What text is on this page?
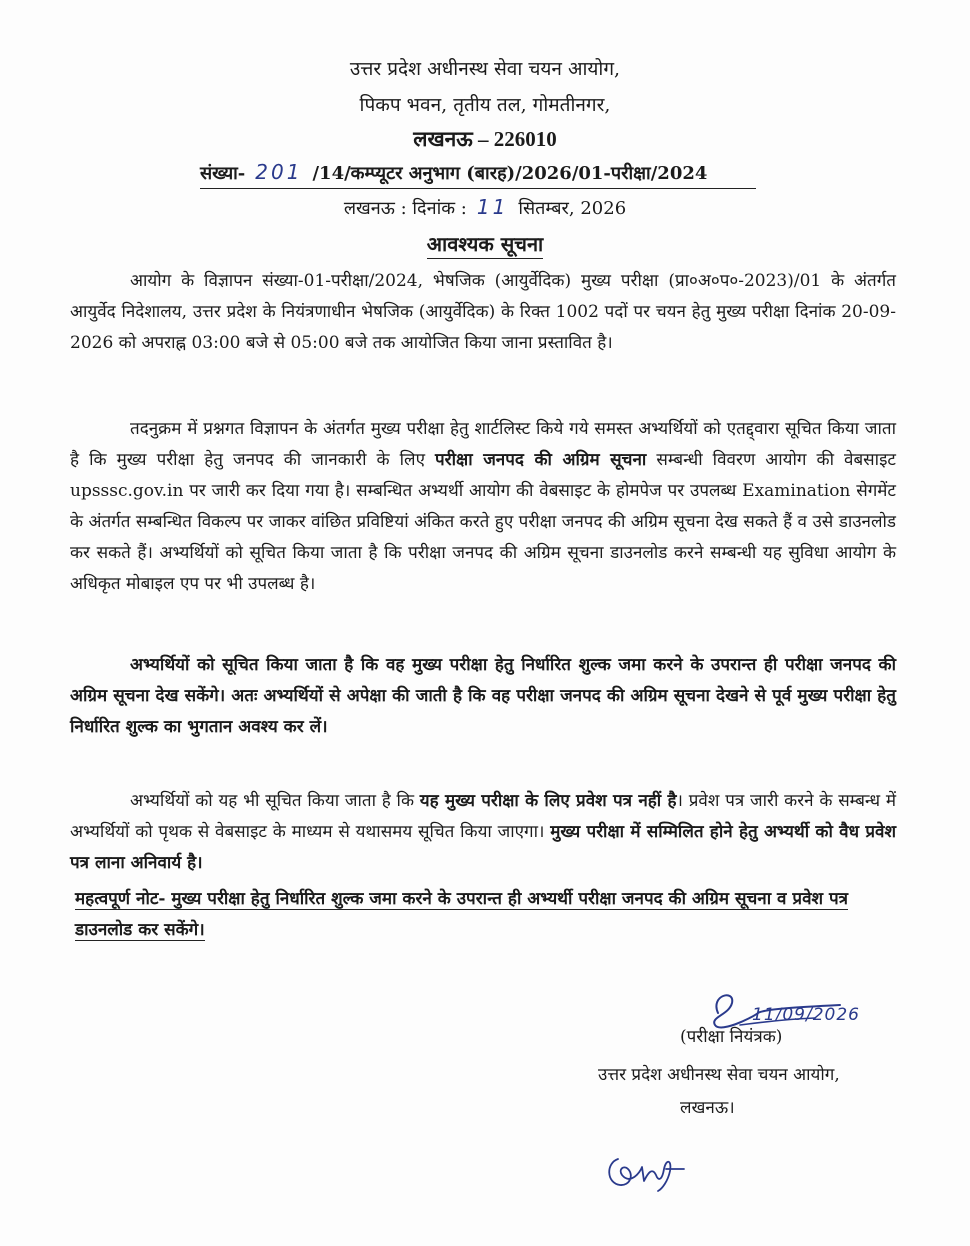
उत्तर प्रदेश अधीनस्थ सेवा चयन आयोग,
पिकप भवन, तृतीय तल, गोमतीनगर,
लखनऊ – 226010
संख्या- 201 /14/कम्प्यूटर अनुभाग (बारह)/2026/01-परीक्षा/2024
लखनऊ : दिनांक : 11 सितम्बर, 2026
आवश्यक सूचना

आयोग के विज्ञापन संख्या-01-परीक्षा/2024, भेषजिक (आयुर्वेदिक) मुख्य परीक्षा (प्रा०अ०प०-2023)/01 के अंतर्गत आयुर्वेद निदेशालय, उत्तर प्रदेश के नियंत्रणाधीन भेषजिक (आयुर्वेदिक) के रिक्त 1002 पदों पर चयन हेतु मुख्य परीक्षा दिनांक 20-09-2026 को अपराह्न 03:00 बजे से 05:00 बजे तक आयोजित किया जाना प्रस्तावित है।

तदनुक्रम में प्रश्नगत विज्ञापन के अंतर्गत मुख्य परीक्षा हेतु शार्टलिस्ट किये गये समस्त अभ्यर्थियों को एतद्द्वारा सूचित किया जाता है कि मुख्य परीक्षा हेतु जनपद की जानकारी के लिए परीक्षा जनपद की अग्रिम सूचना सम्बन्धी विवरण आयोग की वेबसाइट upsssc.gov.in पर जारी कर दिया गया है। सम्बन्धित अभ्यर्थी आयोग की वेबसाइट के होमपेज पर उपलब्ध Examination सेगमेंट के अंतर्गत सम्बन्धित विकल्प पर जाकर वांछित प्रविष्टियां अंकित करते हुए परीक्षा जनपद की अग्रिम सूचना देख सकते हैं व उसे डाउनलोड कर सकते हैं। अभ्यर्थियों को सूचित किया जाता है कि परीक्षा जनपद की अग्रिम सूचना डाउनलोड करने सम्बन्धी यह सुविधा आयोग के अधिकृत मोबाइल एप पर भी उपलब्ध है।

अभ्यर्थियों को सूचित किया जाता है कि वह मुख्य परीक्षा हेतु निर्धारित शुल्क जमा करने के उपरान्त ही परीक्षा जनपद की अग्रिम सूचना देख सकेंगे। अतः अभ्यर्थियों से अपेक्षा की जाती है कि वह परीक्षा जनपद की अग्रिम सूचना देखने से पूर्व मुख्य परीक्षा हेतु निर्धारित शुल्क का भुगतान अवश्य कर लें।

अभ्यर्थियों को यह भी सूचित किया जाता है कि यह मुख्य परीक्षा के लिए प्रवेश पत्र नहीं है। प्रवेश पत्र जारी करने के सम्बन्ध में अभ्यर्थियों को पृथक से वेबसाइट के माध्यम से यथासमय सूचित किया जाएगा। मुख्य परीक्षा में सम्मिलित होने हेतु अभ्यर्थी को वैध प्रवेश पत्र लाना अनिवार्य है।

महत्वपूर्ण नोट- मुख्य परीक्षा हेतु निर्धारित शुल्क जमा करने के उपरान्त ही अभ्यर्थी परीक्षा जनपद की अग्रिम सूचना व प्रवेश पत्र डाउनलोड कर सकेंगे।

11/09/2026
(परीक्षा नियंत्रक)
उत्तर प्रदेश अधीनस्थ सेवा चयन आयोग,
लखनऊ।
